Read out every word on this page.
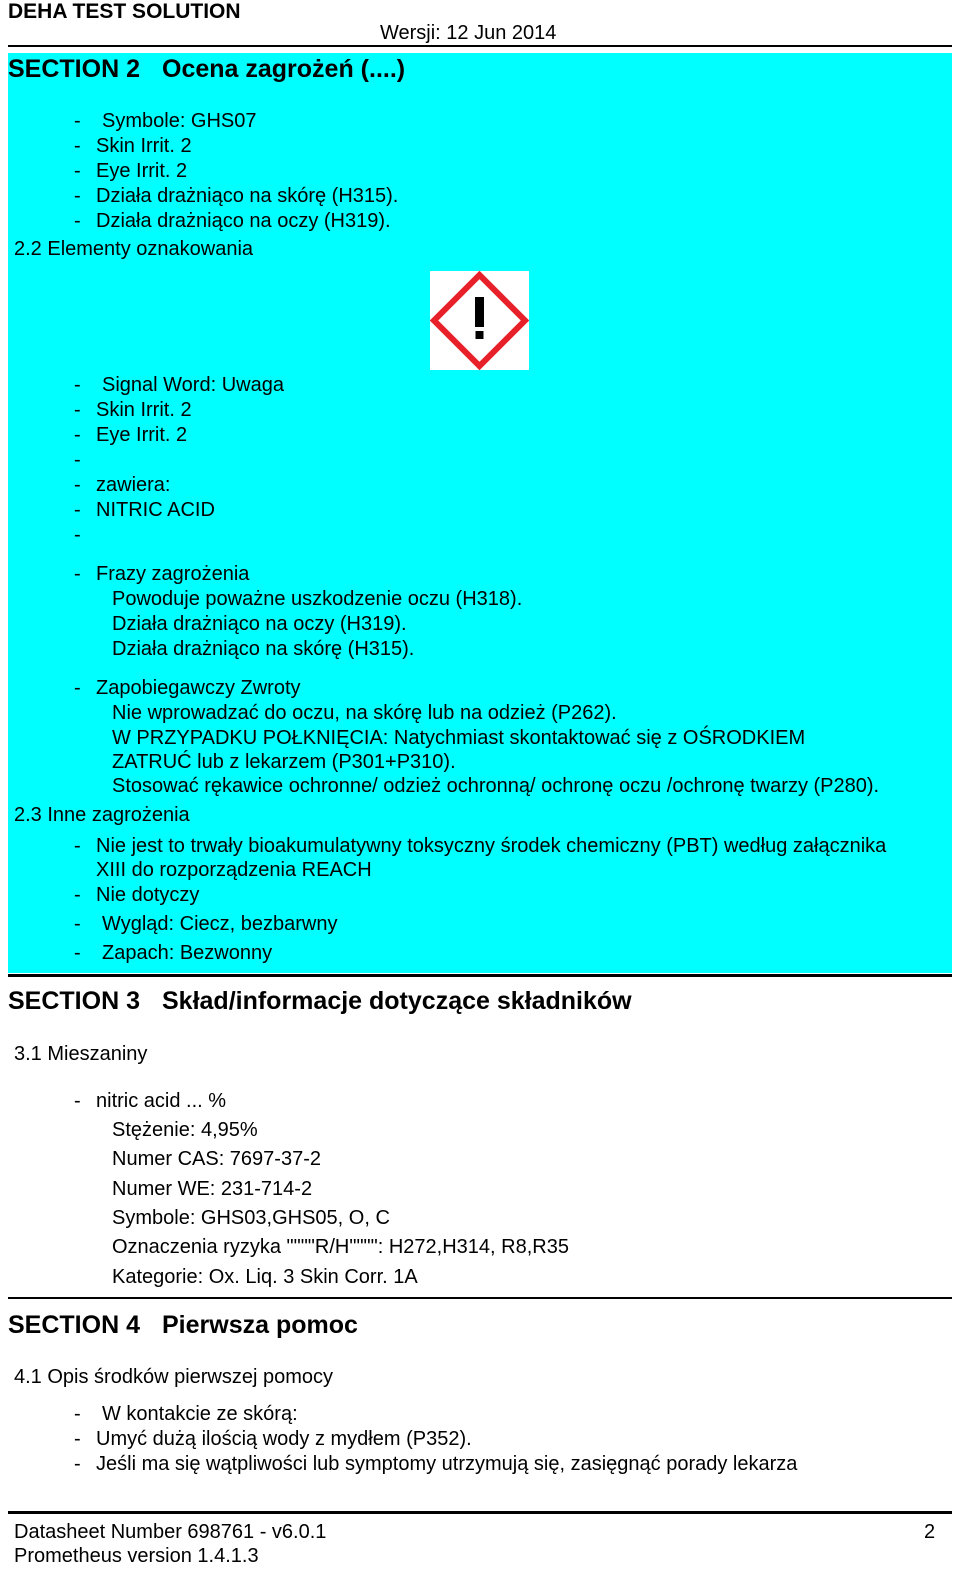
DEHA TEST SOLUTION
Wersji: 12 Jun 2014
SECTION 2 Ocena zagrożeń (....)
- Symbole: GHS07
- Skin Irrit. 2
- Eye Irrit. 2
- Działa drażniąco na skórę (H315).
- Działa drażniąco na oczy (H319).
2.2 Elementy oznakowania
- Signal Word: Uwaga
- Skin Irrit. 2
- Eye Irrit. 2
-
- zawiera:
- NITRIC ACID
-
- Frazy zagrożenia
Powoduje poważne uszkodzenie oczu (H318).
Działa drażniąco na oczy (H319).
Działa drażniąco na skórę (H315).
- Zapobiegawczy Zwroty
Nie wprowadzać do oczu, na skórę lub na odzież (P262).
W PRZYPADKU POŁKNIĘCIA: Natychmiast skontaktować się z OŚRODKIEM
ZATRUĆ lub z lekarzem (P301+P310).
Stosować rękawice ochronne/ odzież ochronną/ ochronę oczu /ochronę twarzy (P280).
2.3 Inne zagrożenia
- Nie jest to trwały bioakumulatywny toksyczny środek chemiczny (PBT) według załącznika
XIII do rozporządzenia REACH
- Nie dotyczy
- Wygląd: Ciecz, bezbarwny
- Zapach: Bezwonny
SECTION 3 Skład/informacje dotyczące składników
3.1 Mieszaniny
- nitric acid ... %
Stężenie: 4,95%
Numer CAS: 7697-37-2
Numer WE: 231-714-2
Symbole: GHS03,GHS05, O, C
Oznaczenia ryzyka """"R/H"""": H272,H314, R8,R35
Kategorie: Ox. Liq. 3 Skin Corr. 1A
SECTION 4 Pierwsza pomoc
4.1 Opis środków pierwszej pomocy
- W kontakcie ze skórą:
- Umyć dużą ilością wody z mydłem (P352).
- Jeśli ma się wątpliwości lub symptomy utrzymują się, zasięgnąć porady lekarza
Datasheet Number 698761 - v6.0.1	2
Prometheus version 1.4.1.3
